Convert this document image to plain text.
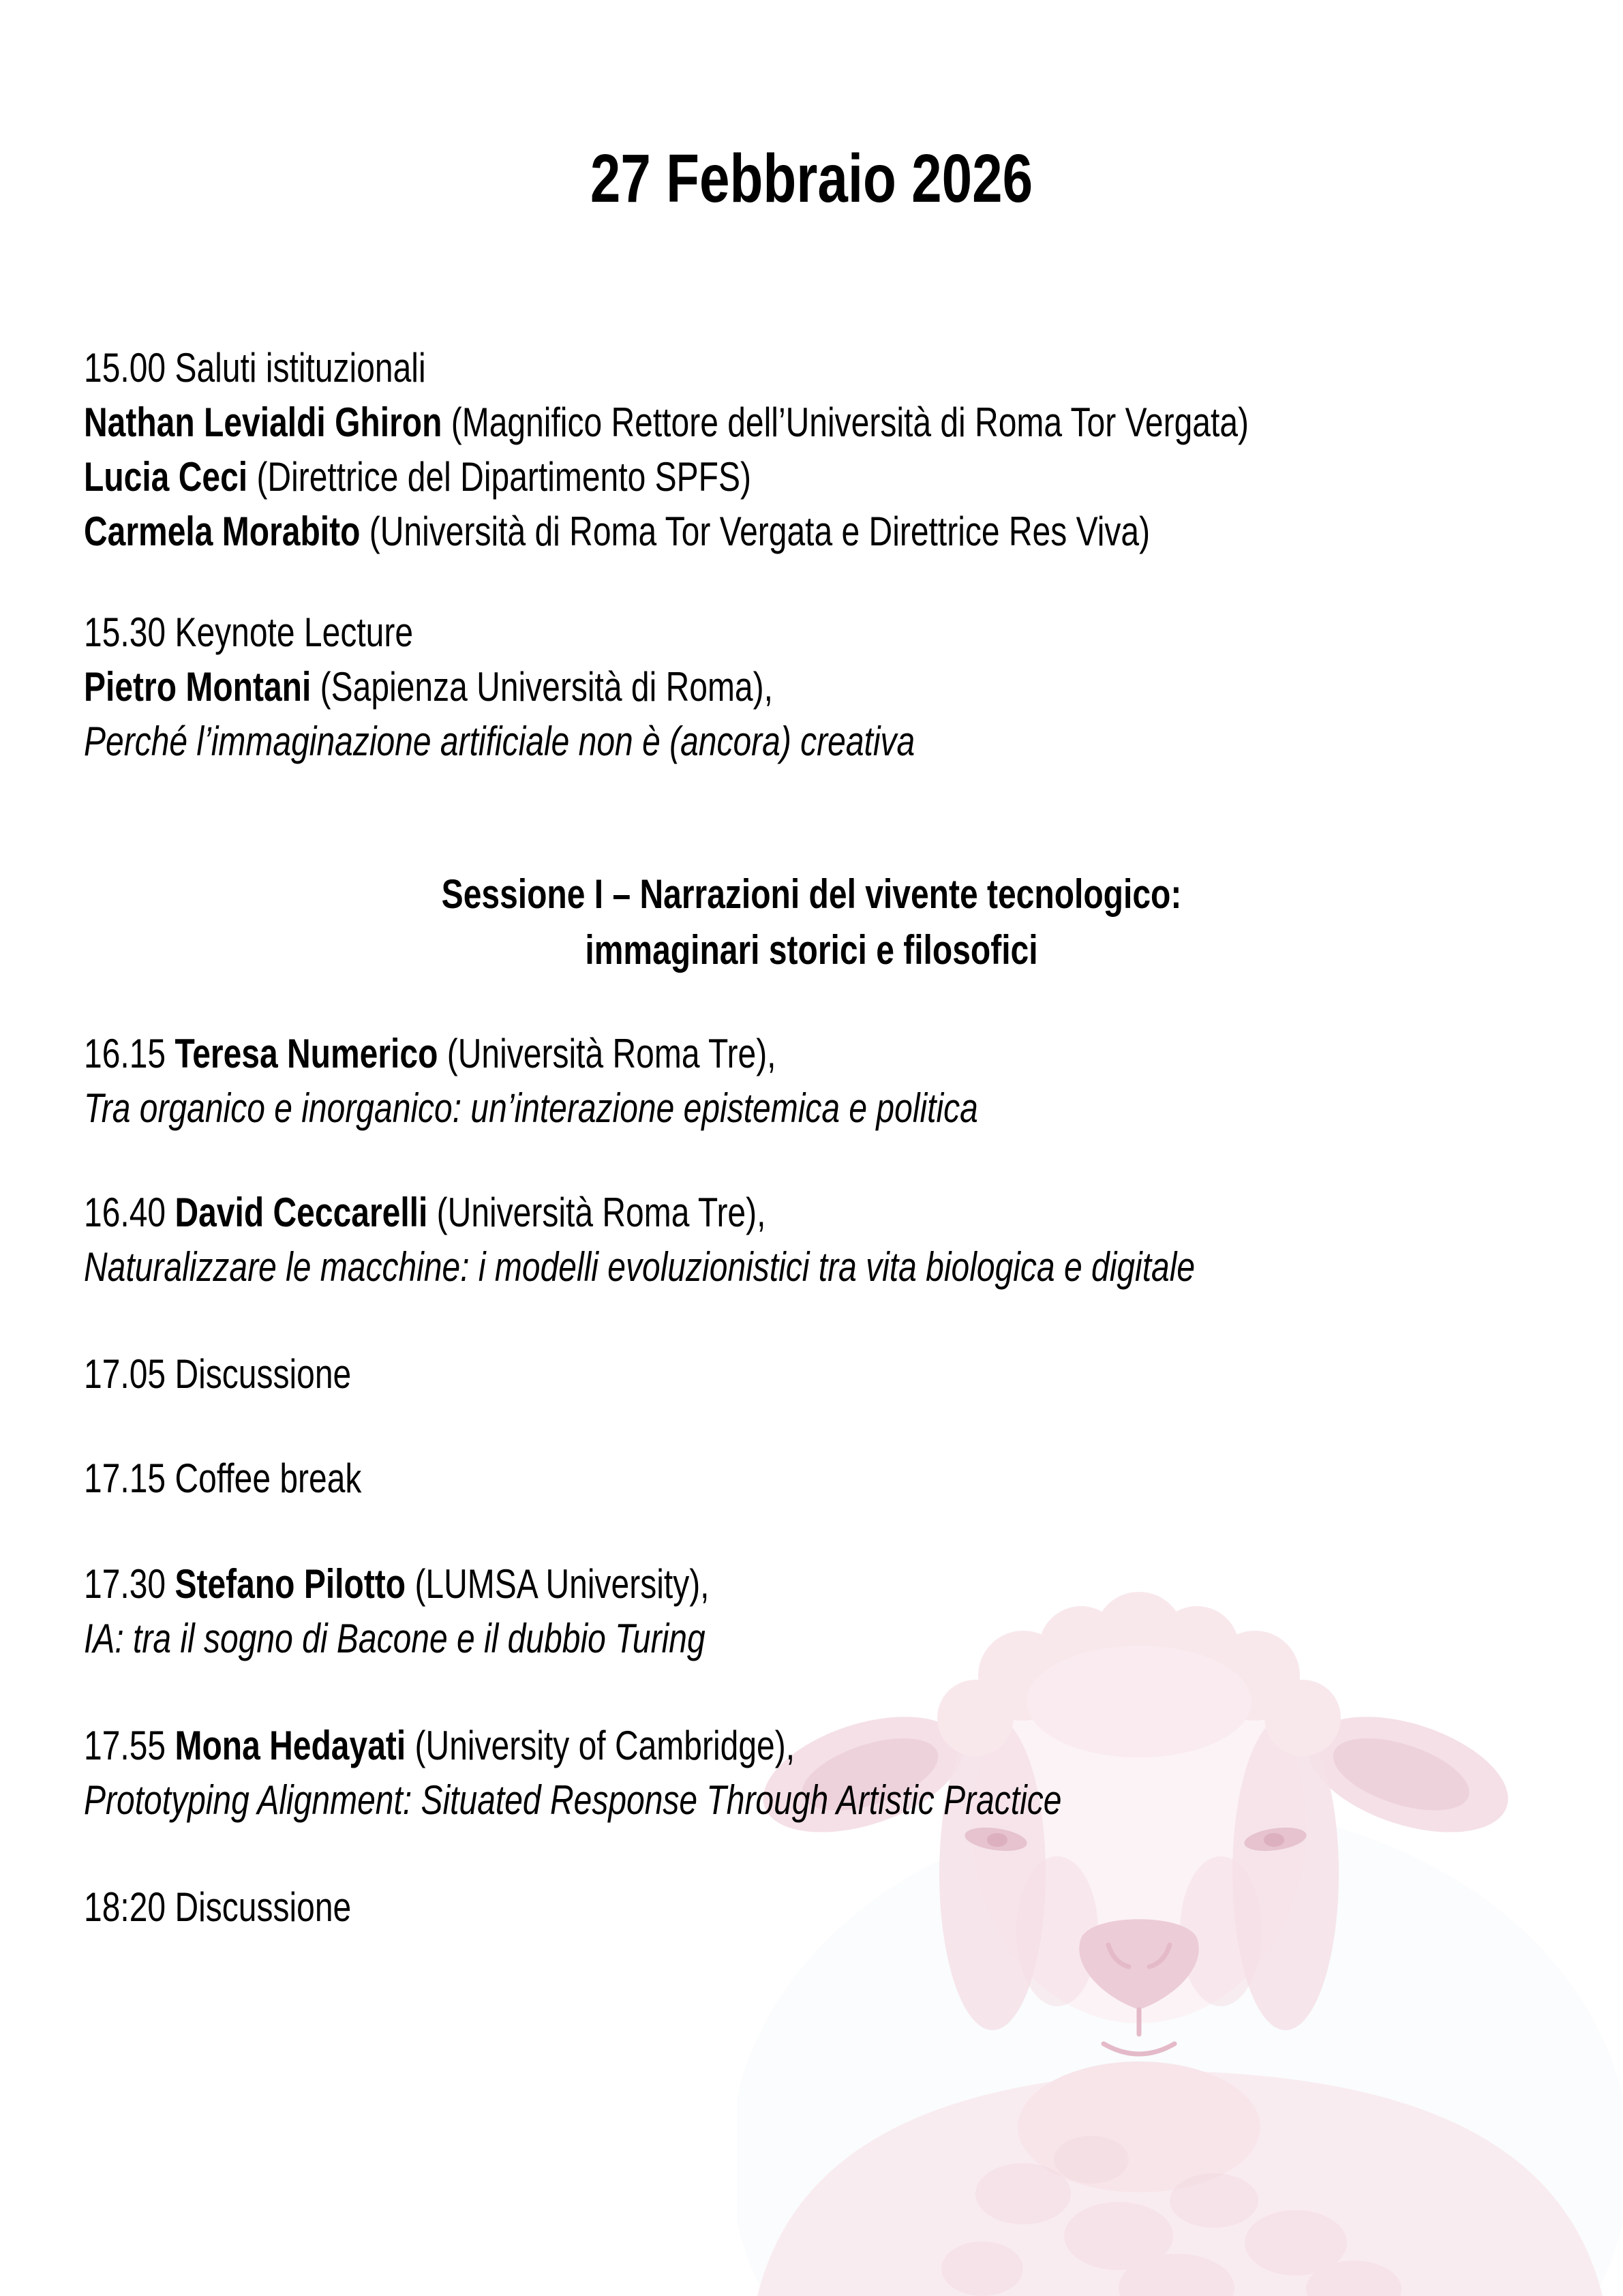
27 Febbraio 2026
15.00 Saluti istituzionali
Nathan Levialdi Ghiron (Magnifico Rettore dell’Università di Roma Tor Vergata)
Lucia Ceci (Direttrice del Dipartimento SPFS)
Carmela Morabito (Università di Roma Tor Vergata e Direttrice Res Viva)
15.30 Keynote Lecture
Pietro Montani (Sapienza Università di Roma),
Perché l’immaginazione artificiale non è (ancora) creativa
Sessione I – Narrazioni del vivente tecnologico:
immaginari storici e filosofici
16.15 Teresa Numerico (Università Roma Tre),
Tra organico e inorganico: un’interazione epistemica e politica
16.40 David Ceccarelli (Università Roma Tre),
Naturalizzare le macchine: i modelli evoluzionistici tra vita biologica e digitale
17.05 Discussione
17.15 Coffee break
17.30 Stefano Pilotto (LUMSA University),
IA: tra il sogno di Bacone e il dubbio Turing
17.55 Mona Hedayati (University of Cambridge),
Prototyping Alignment: Situated Response Through Artistic Practice
18:20 Discussione
